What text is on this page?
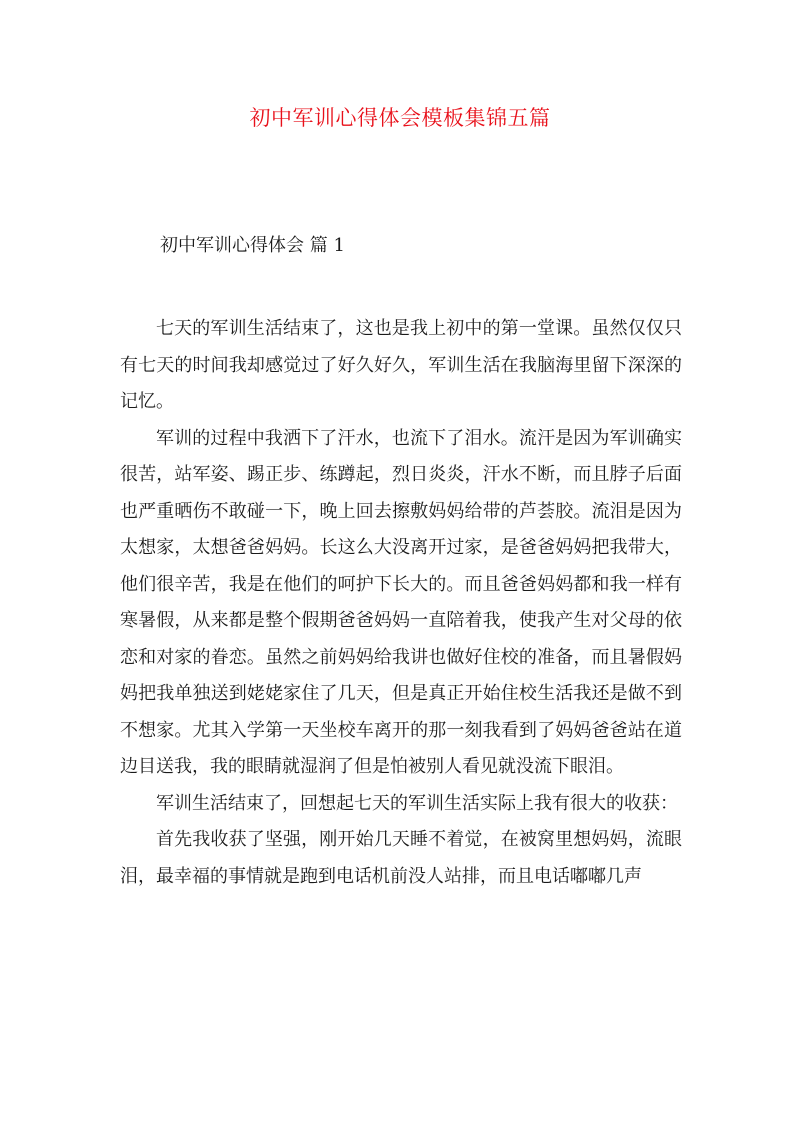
初中军训心得体会模板集锦五篇
初中军训心得体会 篇 1

七天的军训生活结束了，这也是我上初中的第一堂课。虽然仅仅只有七天的时间我却感觉过了好久好久，军训生活在我脑海里留下深深的记忆。

军训的过程中我洒下了汗水，也流下了泪水。流汗是因为军训确实很苦，站军姿、踢正步、练蹲起，烈日炎炎，汗水不断，而且脖子后面也严重晒伤不敢碰一下，晚上回去擦敷妈妈给带的芦荟胶。流泪是因为太想家，太想爸爸妈妈。长这么大没离开过家，是爸爸妈妈把我带大，他们很辛苦，我是在他们的呵护下长大的。而且爸爸妈妈都和我一样有寒暑假，从来都是整个假期爸爸妈妈一直陪着我，使我产生对父母的依恋和对家的眷恋。虽然之前妈妈给我讲也做好住校的准备，而且暑假妈妈把我单独送到姥姥家住了几天，但是真正开始住校生活我还是做不到不想家。尤其入学第一天坐校车离开的那一刻我看到了妈妈爸爸站在道边目送我，我的眼睛就湿润了但是怕被别人看见就没流下眼泪。

军训生活结束了，回想起七天的军训生活实际上我有很大的收获：

首先我收获了坚强，刚开始几天睡不着觉，在被窝里想妈妈，流眼泪，最幸福的事情就是跑到电话机前没人站排，而且电话嘟嘟几声
